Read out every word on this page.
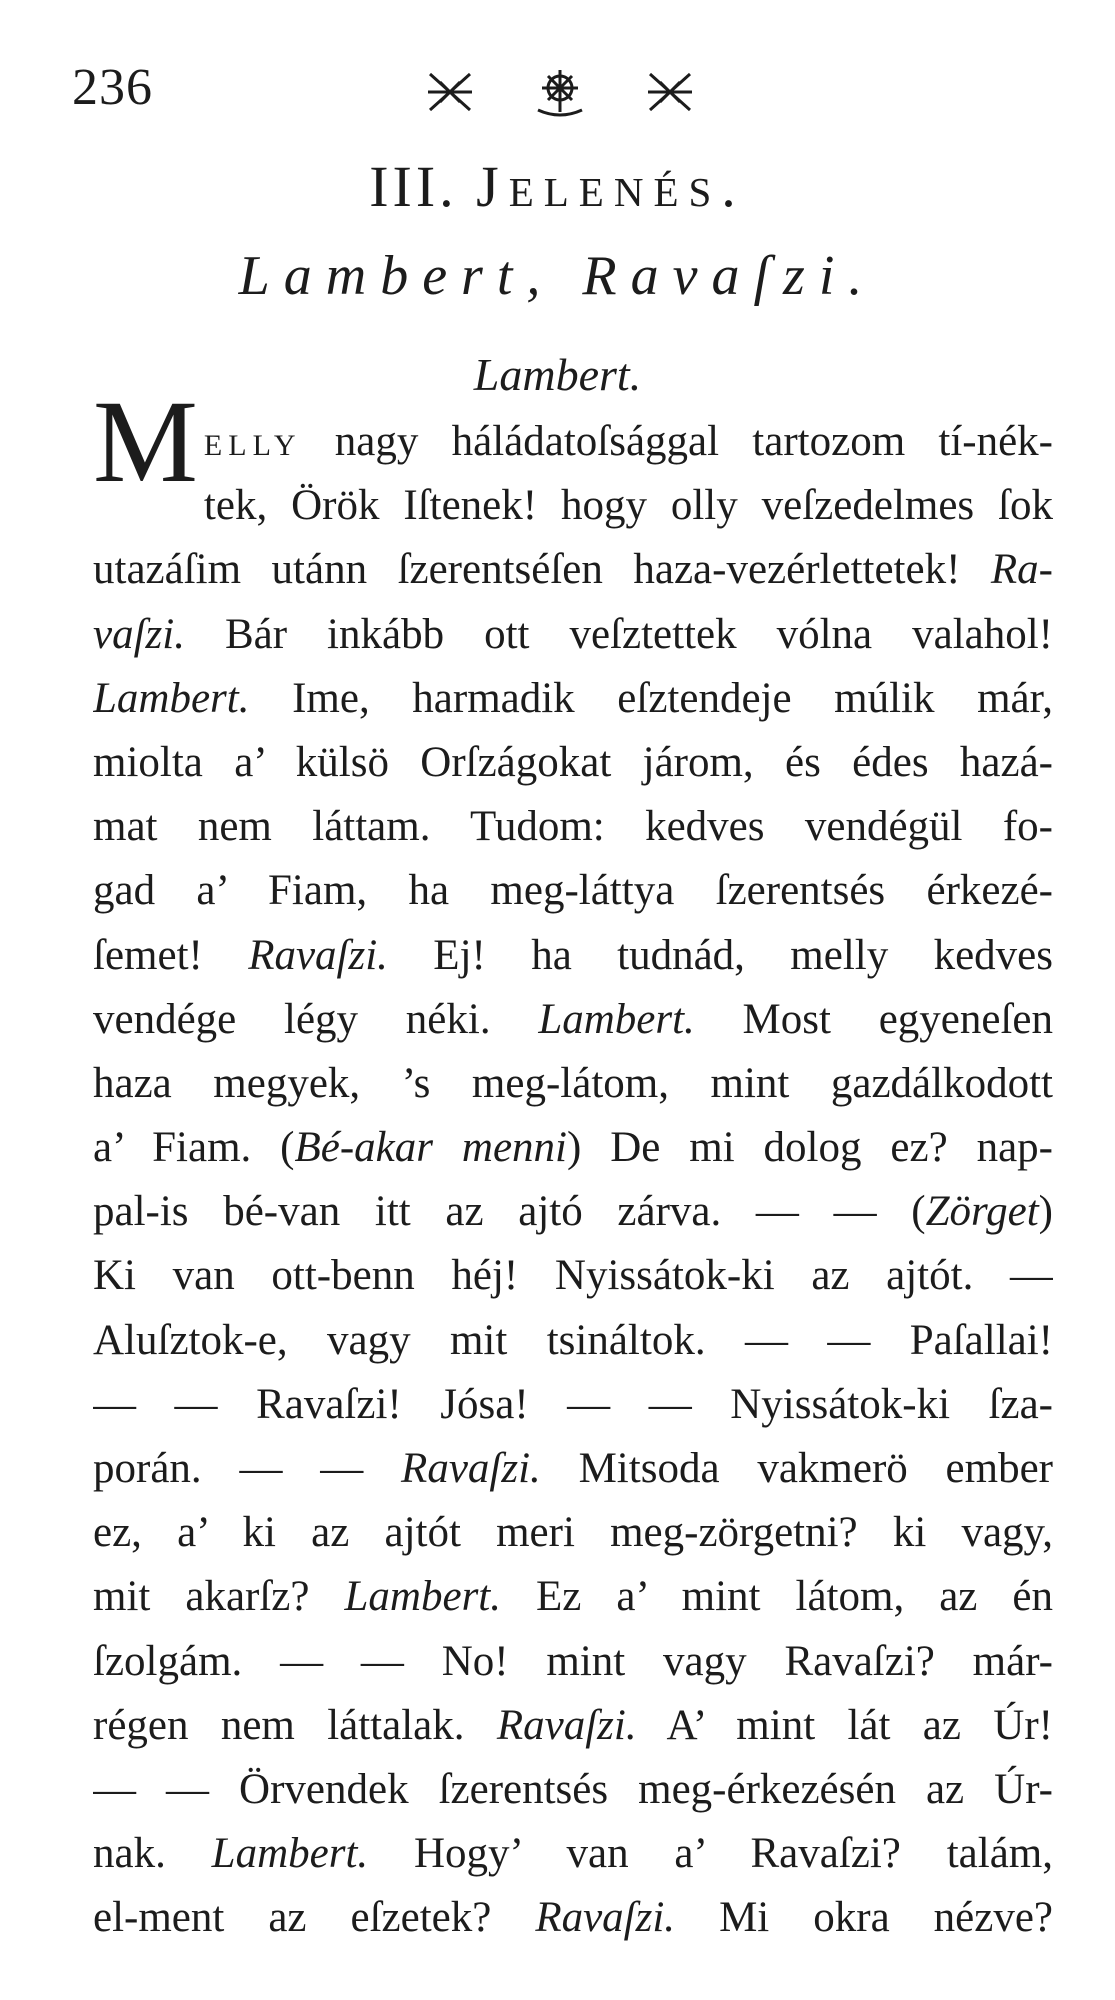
236
III. Jelenés.
Lambert, Ravaſzi.
Lambert.
M elly nagy háládatoſsággal tartozom tí-nék-
tek, Örök Iſtenek! hogy olly veſzedelmes ſok
utazáſim utánn ſzerentséſen haza-vezérlettetek! Ra-
vaſzi. Bár inkább ott veſztettek vólna valahol!
Lambert. Ime, harmadik eſztendeje múlik már,
miolta a’ külsö Orſzágokat járom, és édes hazá-
mat nem láttam. Tudom: kedves vendégül fo-
gad a’ Fiam, ha meg-láttya ſzerentsés érkezé-
ſemet! Ravaſzi. Ej! ha tudnád, melly kedves
vendége légy néki. Lambert. Most egyeneſen
haza megyek, ’s meg-látom, mint gazdálkodott
a’ Fiam. (Bé-akar menni) De mi dolog ez? nap-
pal-is bé-van itt az ajtó zárva. — — (Zörget)
Ki van ott-benn héj! Nyissátok-ki az ajtót. —
Aluſztok-e, vagy mit tsináltok. — — Paſallai!
— — Ravaſzi! Jósa! — — Nyissátok-ki ſza-
porán. — — Ravaſzi. Mitsoda vakmerö ember
ez, a’ ki az ajtót meri meg-zörgetni? ki vagy,
mit akarſz? Lambert. Ez a’ mint látom, az én
ſzolgám. — — No! mint vagy Ravaſzi? már-
régen nem láttalak. Ravaſzi. A’ mint lát az Úr!
— — Örvendek ſzerentsés meg-érkezésén az Úr-
nak. Lambert. Hogy’ van a’ Ravaſzi? talám,
el-ment az eſzetek? Ravaſzi. Mi okra nézve?
